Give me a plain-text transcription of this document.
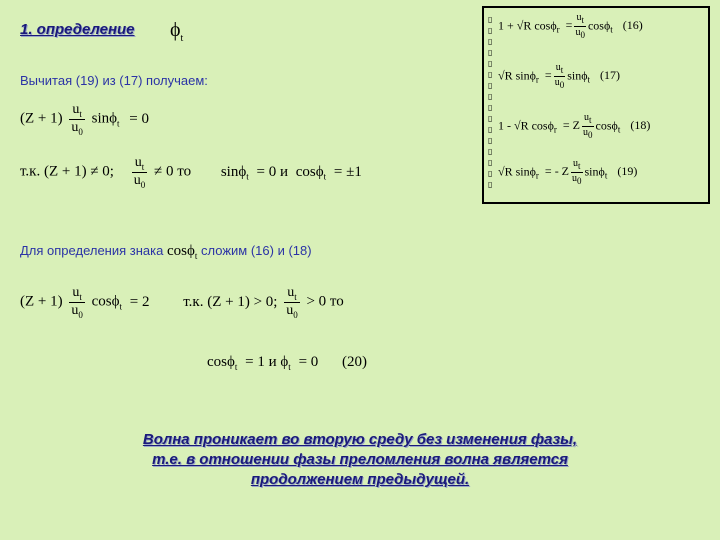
1. определение $\phi_t$
▯
▯
▯
▯
▯
▯
▯
▯
▯
▯
▯
▯
▯
▯
▯
▯
1 + √R $\cos\phi_r = \frac{u_t}{u_0} \cos\phi_t$ (16)
√R $\sin\phi_r = \frac{u_t}{u_0} \sin\phi_t$ (17)
1 - √R cosϕ$_r$ = Z $\frac{u_t}{u_0} \cos\phi_t$ (18)
√R sinϕ$_r$ = - Z $\frac{u_t}{u_0} \sin\phi_t$ (19)
Вычитая (19) из (17) получаем:
$(Z + 1) \frac{u_t}{u_0} \sin\phi_t = 0$
т.к. (Z + 1) ≠ 0; $\frac{u_t}{u_0} \ne 0$ то sinϕ$_t$ = 0 и cosϕ$_t$ = ±1
Для определения знака cosϕ$_t$ сложим (16) и (18)
$(Z + 1) \frac{u_t}{u_0} \cos\phi_t = 2$ т.к. (Z + 1) > 0; $\frac{u_t}{u_0} > 0$ то
cosϕ$_t$ = 1 и $\phi_t = 0$ (20)
Волна проникает во вторую среду без изменения фазы,
т.е. в отношении фазы преломления волна является
продолжением предыдущей.
